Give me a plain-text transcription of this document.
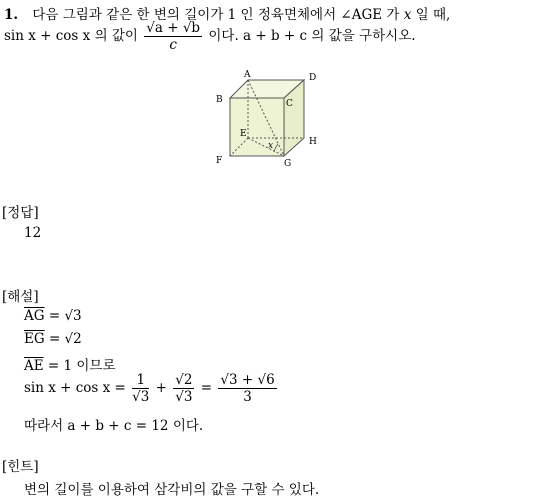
1. 다음 그림과 같은 한 변의 길이가 1 인 정육면체에서 ∠AGE 가 x 일 때,
sin x + cos x 의 값이 $\frac{√a + √b}{c}$ 이다. a + b + c 의 값을 구하시오.
A	D
B	C
E
x	H
F	G
[정답]
12
[해설]
$\overline{AG} = √3$
$\overline{EG} = √2$
$\overline{AE} = 1$ 이므로
$\sin x + \cos x = \frac{1}{√3} + \frac{√2}{√3} = \frac{√3 + √6}{3}$
따라서 a + b + c = 12 이다.
[힌트]
변의 길이를 이용하여 삼각비의 값을 구할 수 있다.
